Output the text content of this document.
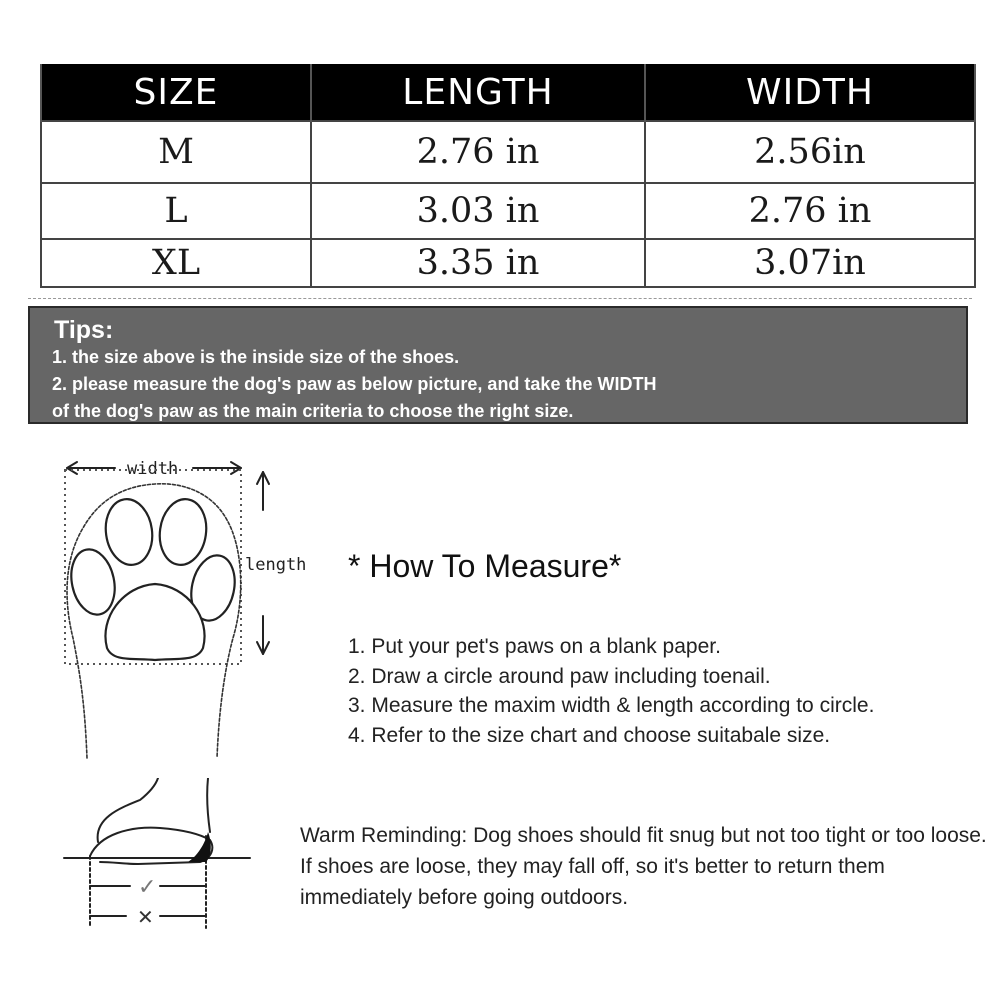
SIZE	LENGTH	WIDTH
M	2.76 in	2.56in
L	3.03 in	2.76 in
XL	3.35 in	3.07in
Tips:
1. the size above is the inside size of the shoes.
2. please measure the dog's paw as below picture, and take the WIDTH
of the dog's paw as the main criteria to choose the right size.
width
length
✓
✕
* How To Measure*
1. Put your pet's paws on a blank paper.
2. Draw a circle around paw including toenail.
3. Measure the maxim width & length according to circle.
4. Refer to the size chart and choose suitabale size.
Warm Reminding: Dog shoes should fit snug but not too tight or too loose. If shoes are loose, they may fall off, so it's better to return them immediately before going outdoors.
